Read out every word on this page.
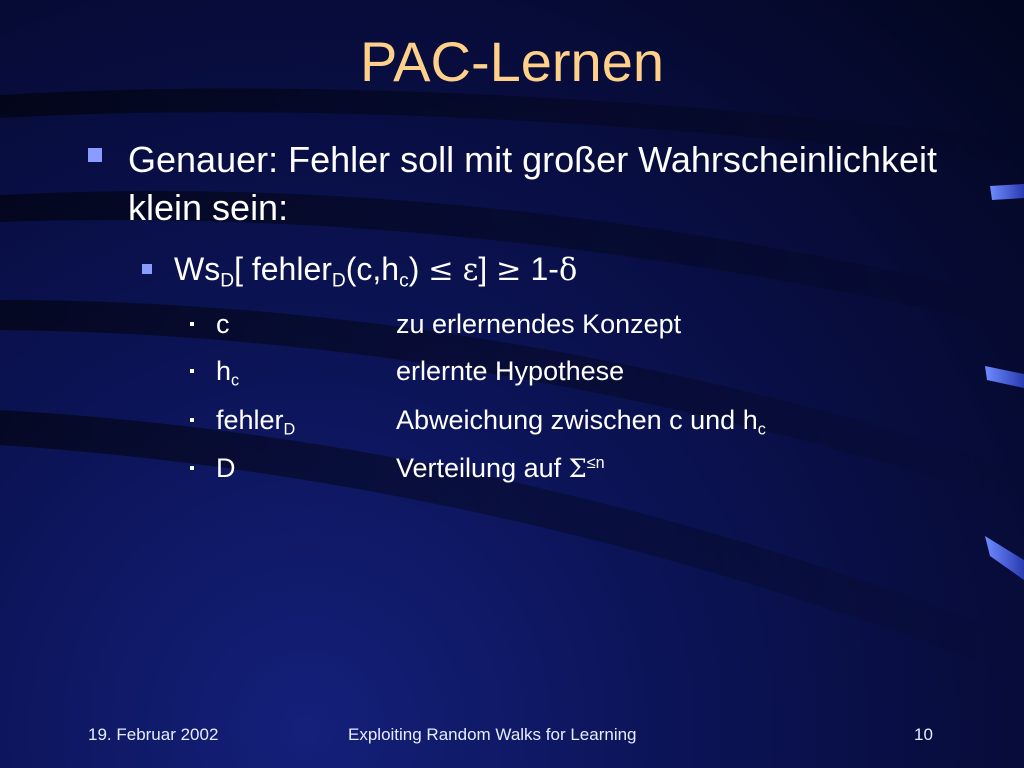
PAC-Lernen
Genauer: Fehler soll mit großer Wahrscheinlichkeit klein sein:
$Ws_D$[ $fehler_D(c,h_c) \le \varepsilon] \ge 1-\delta$
c	zu erlernendes Konzept
$h_c$	erlernte Hypothese
fehler$_D$	Abweichung zwischen c und $h_c$
D	Verteilung auf $\Sigma^{\le n}$
19. Februar 2002	Exploiting Random Walks for Learning	10
